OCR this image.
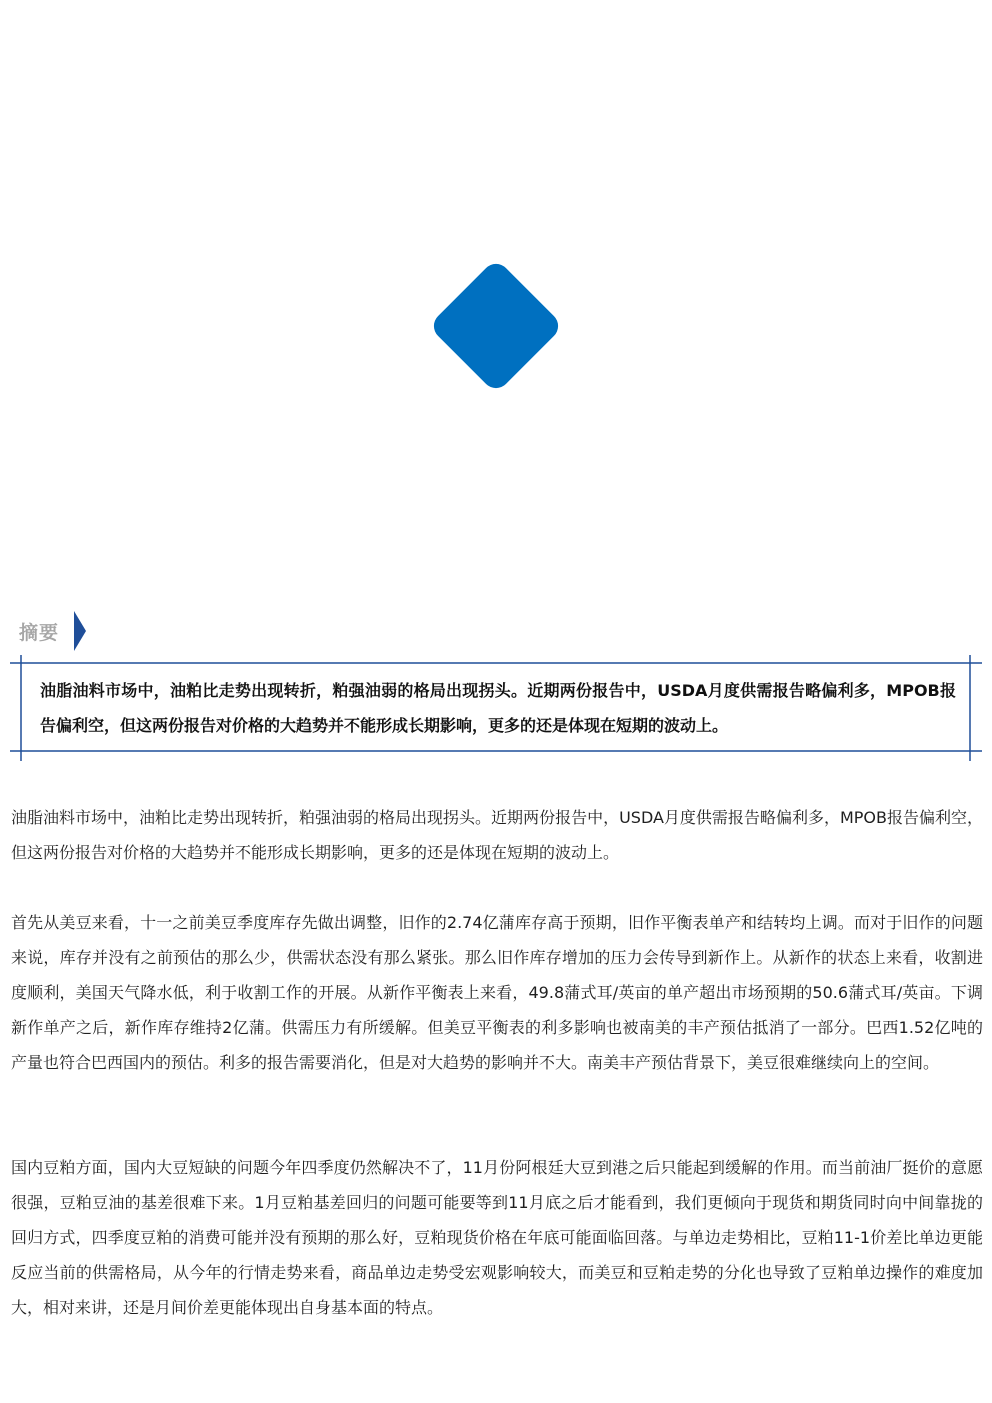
摘要

油脂油料市场中，油粕比走势出现转折，粕强油弱的格局出现拐头。近期两份报告中，USDA月度供需报告略偏利多，MPOB报告偏利空，但这两份报告对价格的大趋势并不能形成长期影响，更多的还是体现在短期的波动上。

油脂油料市场中，油粕比走势出现转折，粕强油弱的格局出现拐头。近期两份报告中，USDA月度供需报告略偏利多，MPOB报告偏利空，但这两份报告对价格的大趋势并不能形成长期影响，更多的还是体现在短期的波动上。

首先从美豆来看，十一之前美豆季度库存先做出调整，旧作的2.74亿蒲库存高于预期，旧作平衡表单产和结转均上调。而对于旧作的问题来说，库存并没有之前预估的那么少，供需状态没有那么紧张。那么旧作库存增加的压力会传导到新作上。从新作的状态上来看，收割进度顺利，美国天气降水低，利于收割工作的开展。从新作平衡表上来看，49.8蒲式耳/英亩的单产超出市场预期的50.6蒲式耳/英亩。下调新作单产之后，新作库存维持2亿蒲。供需压力有所缓解。但美豆平衡表的利多影响也被南美的丰产预估抵消了一部分。巴西1.52亿吨的产量也符合巴西国内的预估。利多的报告需要消化，但是对大趋势的影响并不大。南美丰产预估背景下，美豆很难继续向上的空间。

国内豆粕方面，国内大豆短缺的问题今年四季度仍然解决不了，11月份阿根廷大豆到港之后只能起到缓解的作用。而当前油厂挺价的意愿很强，豆粕豆油的基差很难下来。1月豆粕基差回归的问题可能要等到11月底之后才能看到，我们更倾向于现货和期货同时向中间靠拢的回归方式，四季度豆粕的消费可能并没有预期的那么好，豆粕现货价格在年底可能面临回落。与单边走势相比，豆粕11-1价差比单边更能反应当前的供需格局，从今年的行情走势来看，商品单边走势受宏观影响较大，而美豆和豆粕走势的分化也导致了豆粕单边操作的难度加大，相对来讲，还是月间价差更能体现出自身基本面的特点。
